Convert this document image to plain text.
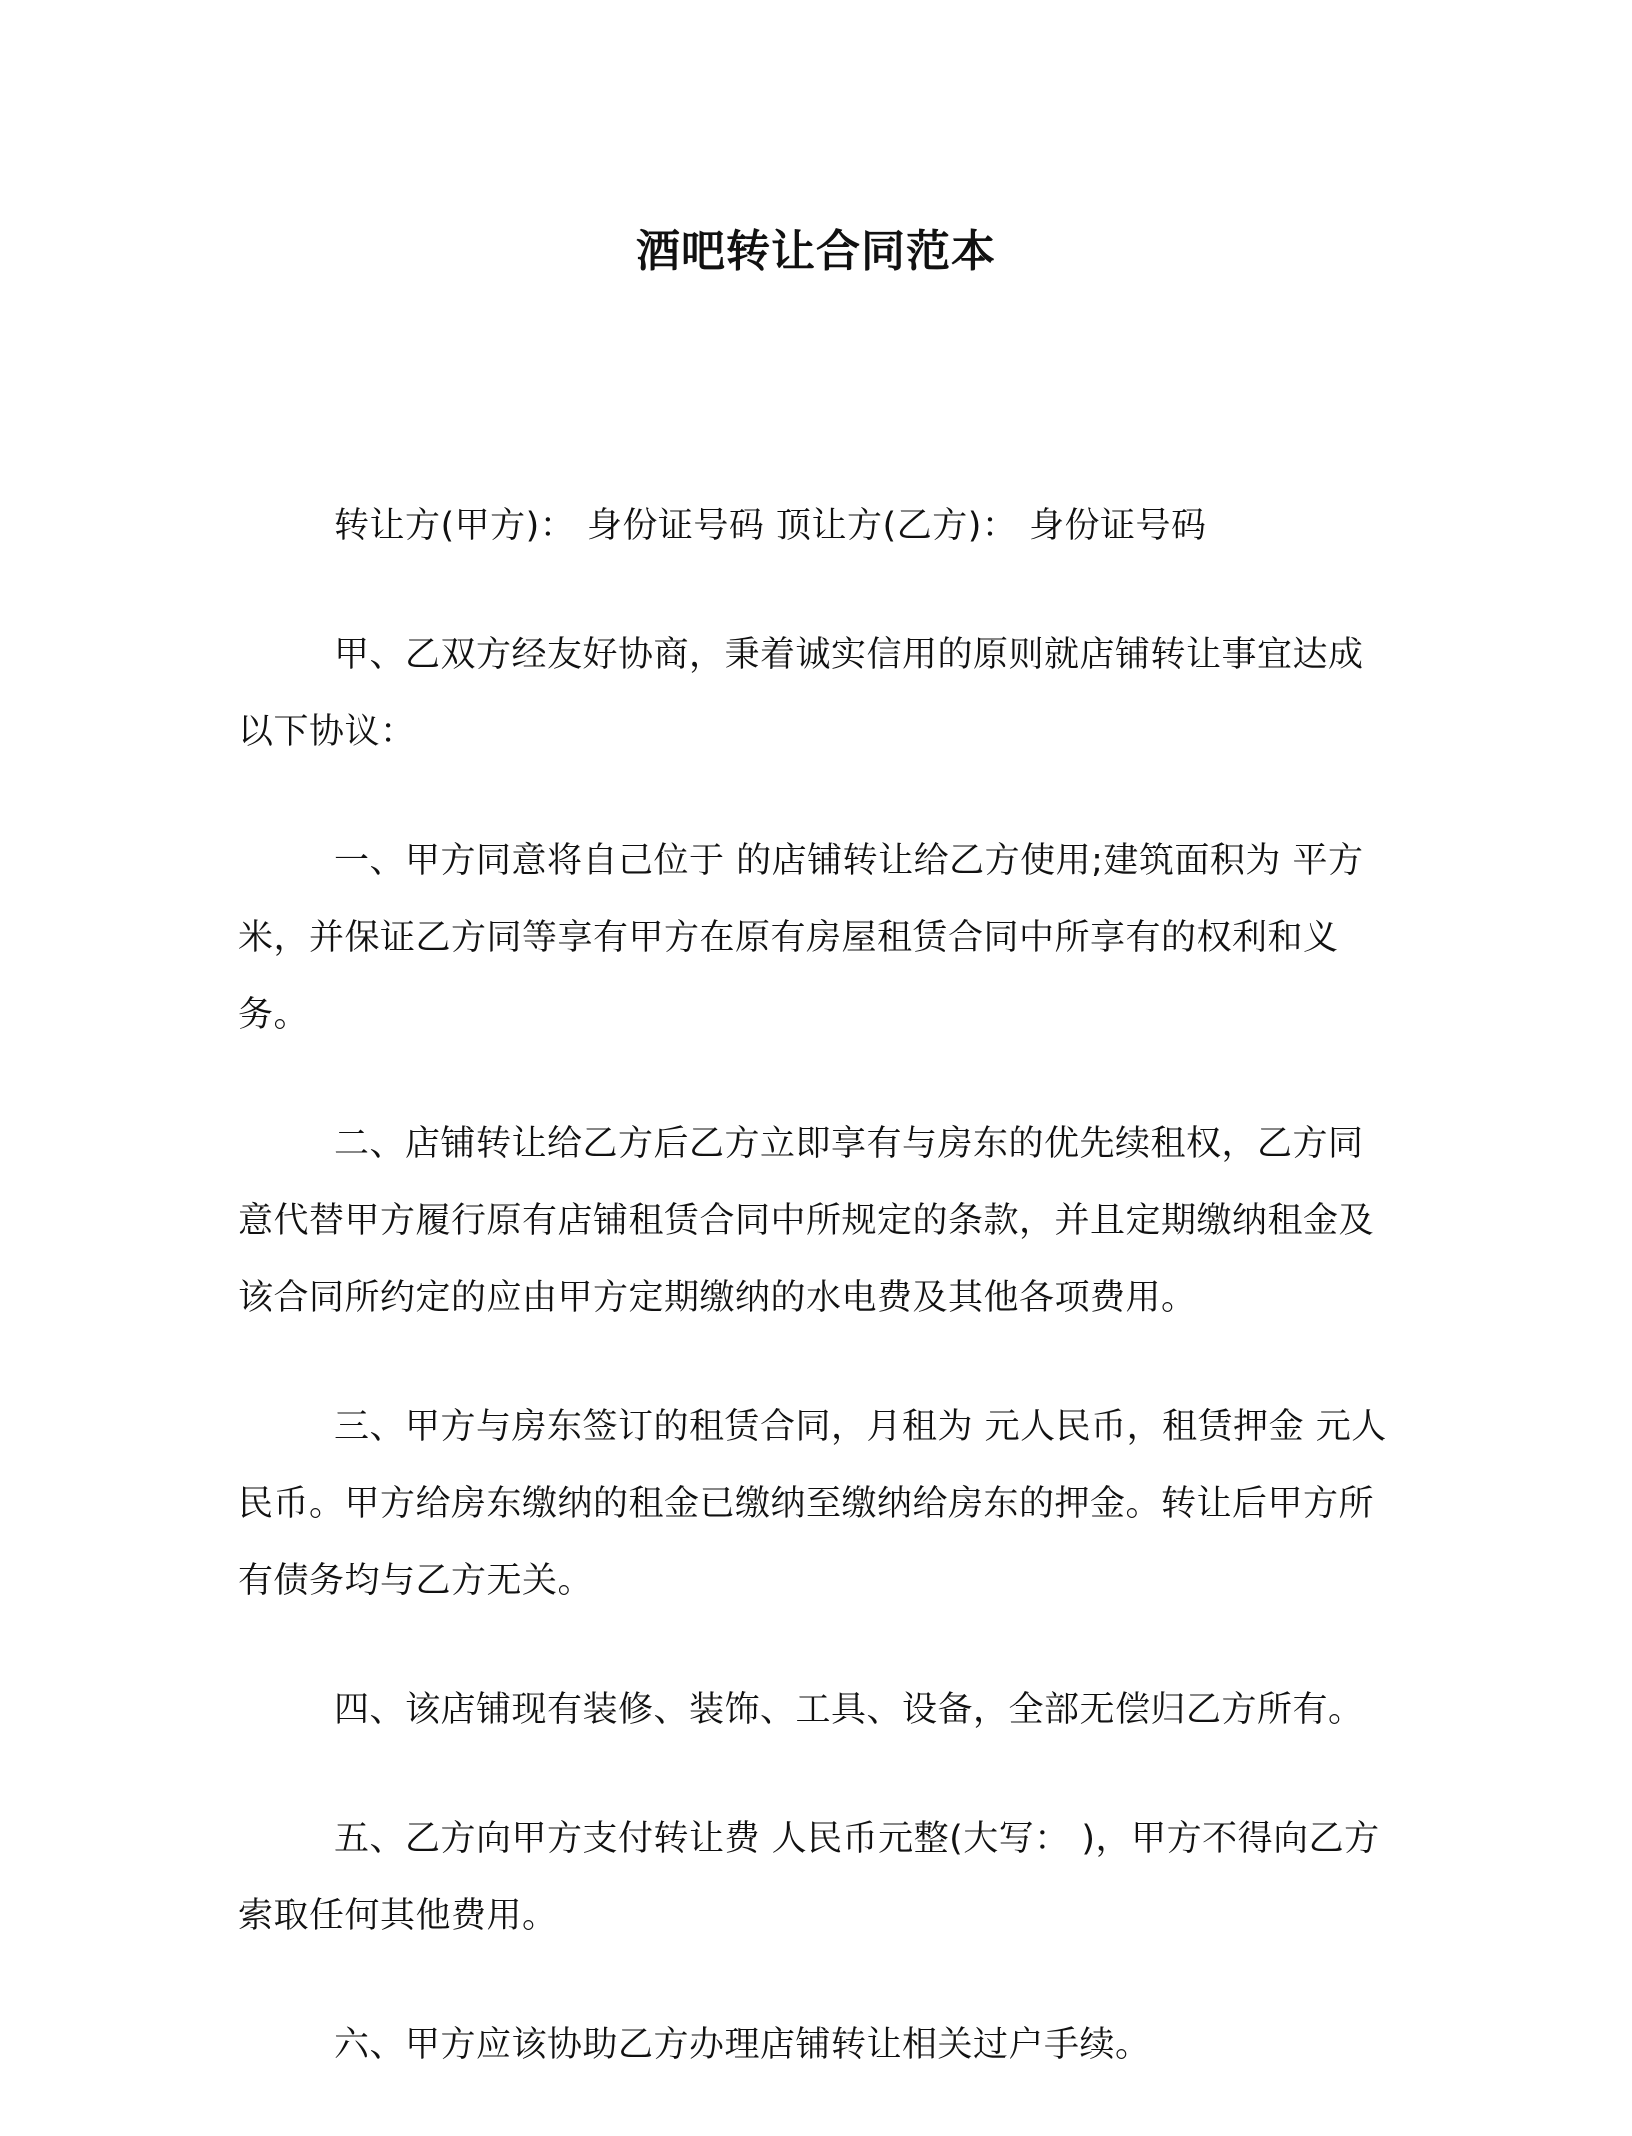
酒吧转让合同范本

转让方(甲方)： 身份证号码 顶让方(乙方)： 身份证号码

甲、乙双方经友好协商，秉着诚实信用的原则就店铺转让事宜达成以下协议：

一、甲方同意将自己位于 的店铺转让给乙方使用;建筑面积为 平方米，并保证乙方同等享有甲方在原有房屋租赁合同中所享有的权利和义务。

二、店铺转让给乙方后乙方立即享有与房东的优先续租权，乙方同意代替甲方履行原有店铺租赁合同中所规定的条款，并且定期缴纳租金及该合同所约定的应由甲方定期缴纳的水电费及其他各项费用。

三、甲方与房东签订的租赁合同，月租为 元人民币，租赁押金 元人民币。甲方给房东缴纳的租金已缴纳至缴纳给房东的押金。转让后甲方所有债务均与乙方无关。

四、该店铺现有装修、装饰、工具、设备，全部无偿归乙方所有。

五、乙方向甲方支付转让费 人民币元整(大写： )，甲方不得向乙方索取任何其他费用。

六、甲方应该协助乙方办理店铺转让相关过户手续。
